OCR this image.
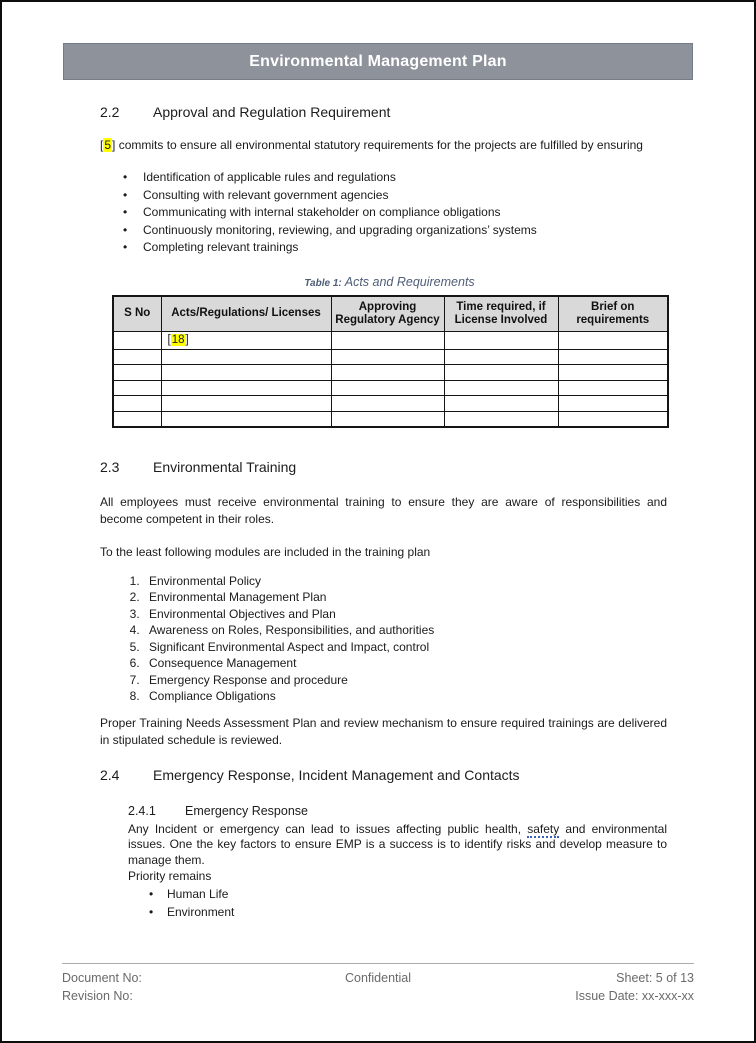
Environmental Management Plan
2.2	Approval and Regulation Requirement

[5] commits to ensure all environmental statutory requirements for the projects are fulfilled by ensuring

• Identification of applicable rules and regulations
• Consulting with relevant government agencies
• Communicating with internal stakeholder on compliance obligations
• Continuously monitoring, reviewing, and upgrading organizations’ systems
• Completing relevant trainings
Table 1: Acts and Requirements
S No	Acts/Regulations/ Licenses	Approving Regulatory Agency	Time required, if License Involved	Brief on requirements
	[18]			

2.3	Environmental Training

All employees must receive environmental training to ensure they are aware of responsibilities and become competent in their roles.

To the least following modules are included in the training plan

1. Environmental Policy
2. Environmental Management Plan
3. Environmental Objectives and Plan
4. Awareness on Roles, Responsibilities, and authorities
5. Significant Environmental Aspect and Impact, control
6. Consequence Management
7. Emergency Response and procedure
8. Compliance Obligations

Proper Training Needs Assessment Plan and review mechanism to ensure required trainings are delivered in stipulated schedule is reviewed.

2.4	Emergency Response, Incident Management and Contacts
2.4.1	Emergency Response

Any Incident or emergency can lead to issues affecting public health, safety and environmental issues. One the key factors to ensure EMP is a success is to identify risks and develop measure to manage them.

Priority remains

• Human Life
• Environment
Document No:	Confidential	Sheet: 5 of 13
Revision No:	Issue Date: xx-xxx-xx
